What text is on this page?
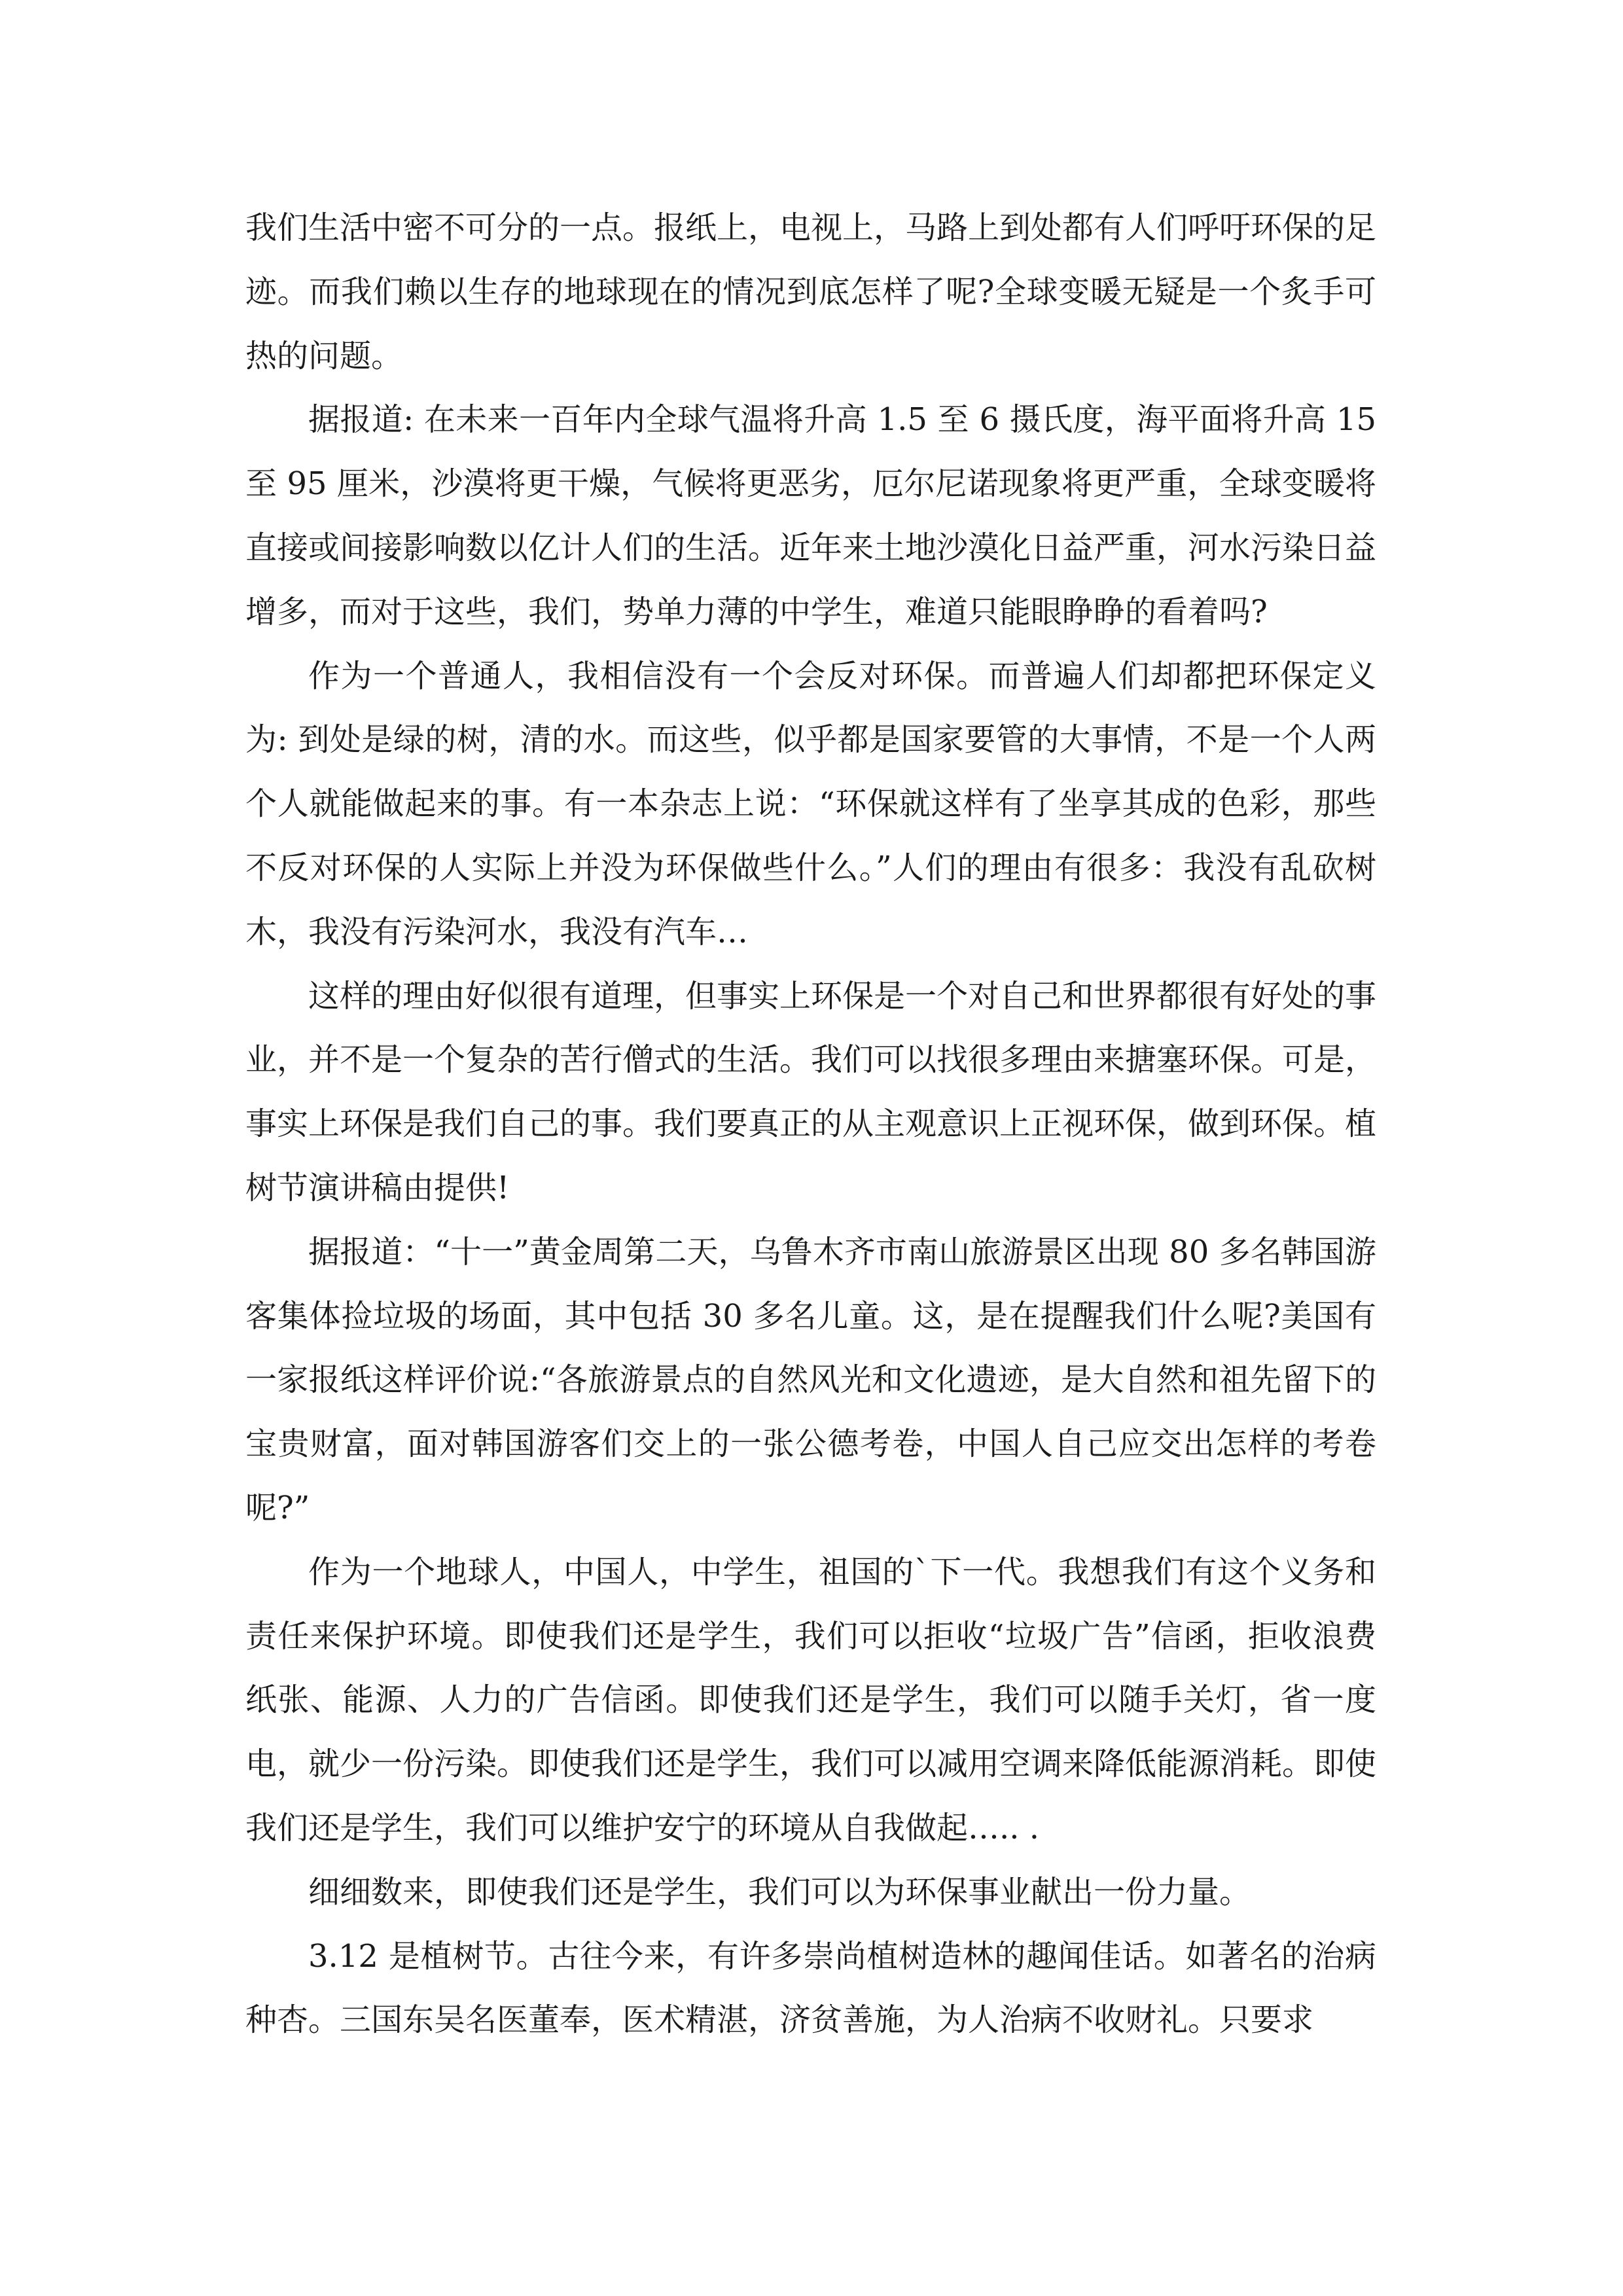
我们生活中密不可分的一点。报纸上，电视上，马路上到处都有人们呼吁环保的足迹。而我们赖以生存的地球现在的情况到底怎样了呢?全球变暖无疑是一个炙手可热的问题。

据报道: 在未来一百年内全球气温将升高 1.5 至 6 摄氏度，海平面将升高 15 至 95 厘米，沙漠将更干燥，气候将更恶劣，厄尔尼诺现象将更严重，全球变暖将直接或间接影响数以亿计人们的生活。近年来土地沙漠化日益严重，河水污染日益增多，而对于这些，我们，势单力薄的中学生，难道只能眼睁睁的看着吗?

作为一个普通人，我相信没有一个会反对环保。而普遍人们却都把环保定义为: 到处是绿的树，清的水。而这些，似乎都是国家要管的大事情，不是一个人两个人就能做起来的事。有一本杂志上说：“环保就这样有了坐享其成的色彩，那些不反对环保的人实际上并没为环保做些什么。”人们的理由有很多：我没有乱砍树木，我没有污染河水，我没有汽车…

这样的理由好似很有道理，但事实上环保是一个对自己和世界都很有好处的事业，并不是一个复杂的苦行僧式的生活。我们可以找很多理由来搪塞环保。可是，事实上环保是我们自己的事。我们要真正的从主观意识上正视环保，做到环保。植树节演讲稿由提供!

据报道：“十一”黄金周第二天，乌鲁木齐市南山旅游景区出现 80 多名韩国游客集体捡垃圾的场面，其中包括 30 多名儿童。这，是在提醒我们什么呢?美国有一家报纸这样评价说:“各旅游景点的自然风光和文化遗迹，是大自然和祖先留下的宝贵财富，面对韩国游客们交上的一张公德考卷，中国人自己应交出怎样的考卷呢?”

作为一个地球人，中国人，中学生，祖国的`下一代。我想我们有这个义务和责任来保护环境。即使我们还是学生，我们可以拒收“垃圾广告”信函，拒收浪费纸张、能源、人力的广告信函。即使我们还是学生，我们可以随手关灯，省一度电，就少一份污染。即使我们还是学生，我们可以减用空调来降低能源消耗。即使我们还是学生，我们可以维护安宁的环境从自我做起….. .

细细数来，即使我们还是学生，我们可以为环保事业献出一份力量。

3.12 是植树节。古往今来，有许多崇尚植树造林的趣闻佳话。如著名的治病种杏。三国东吴名医董奉，医术精湛，济贫善施，为人治病不收财礼。只要求
